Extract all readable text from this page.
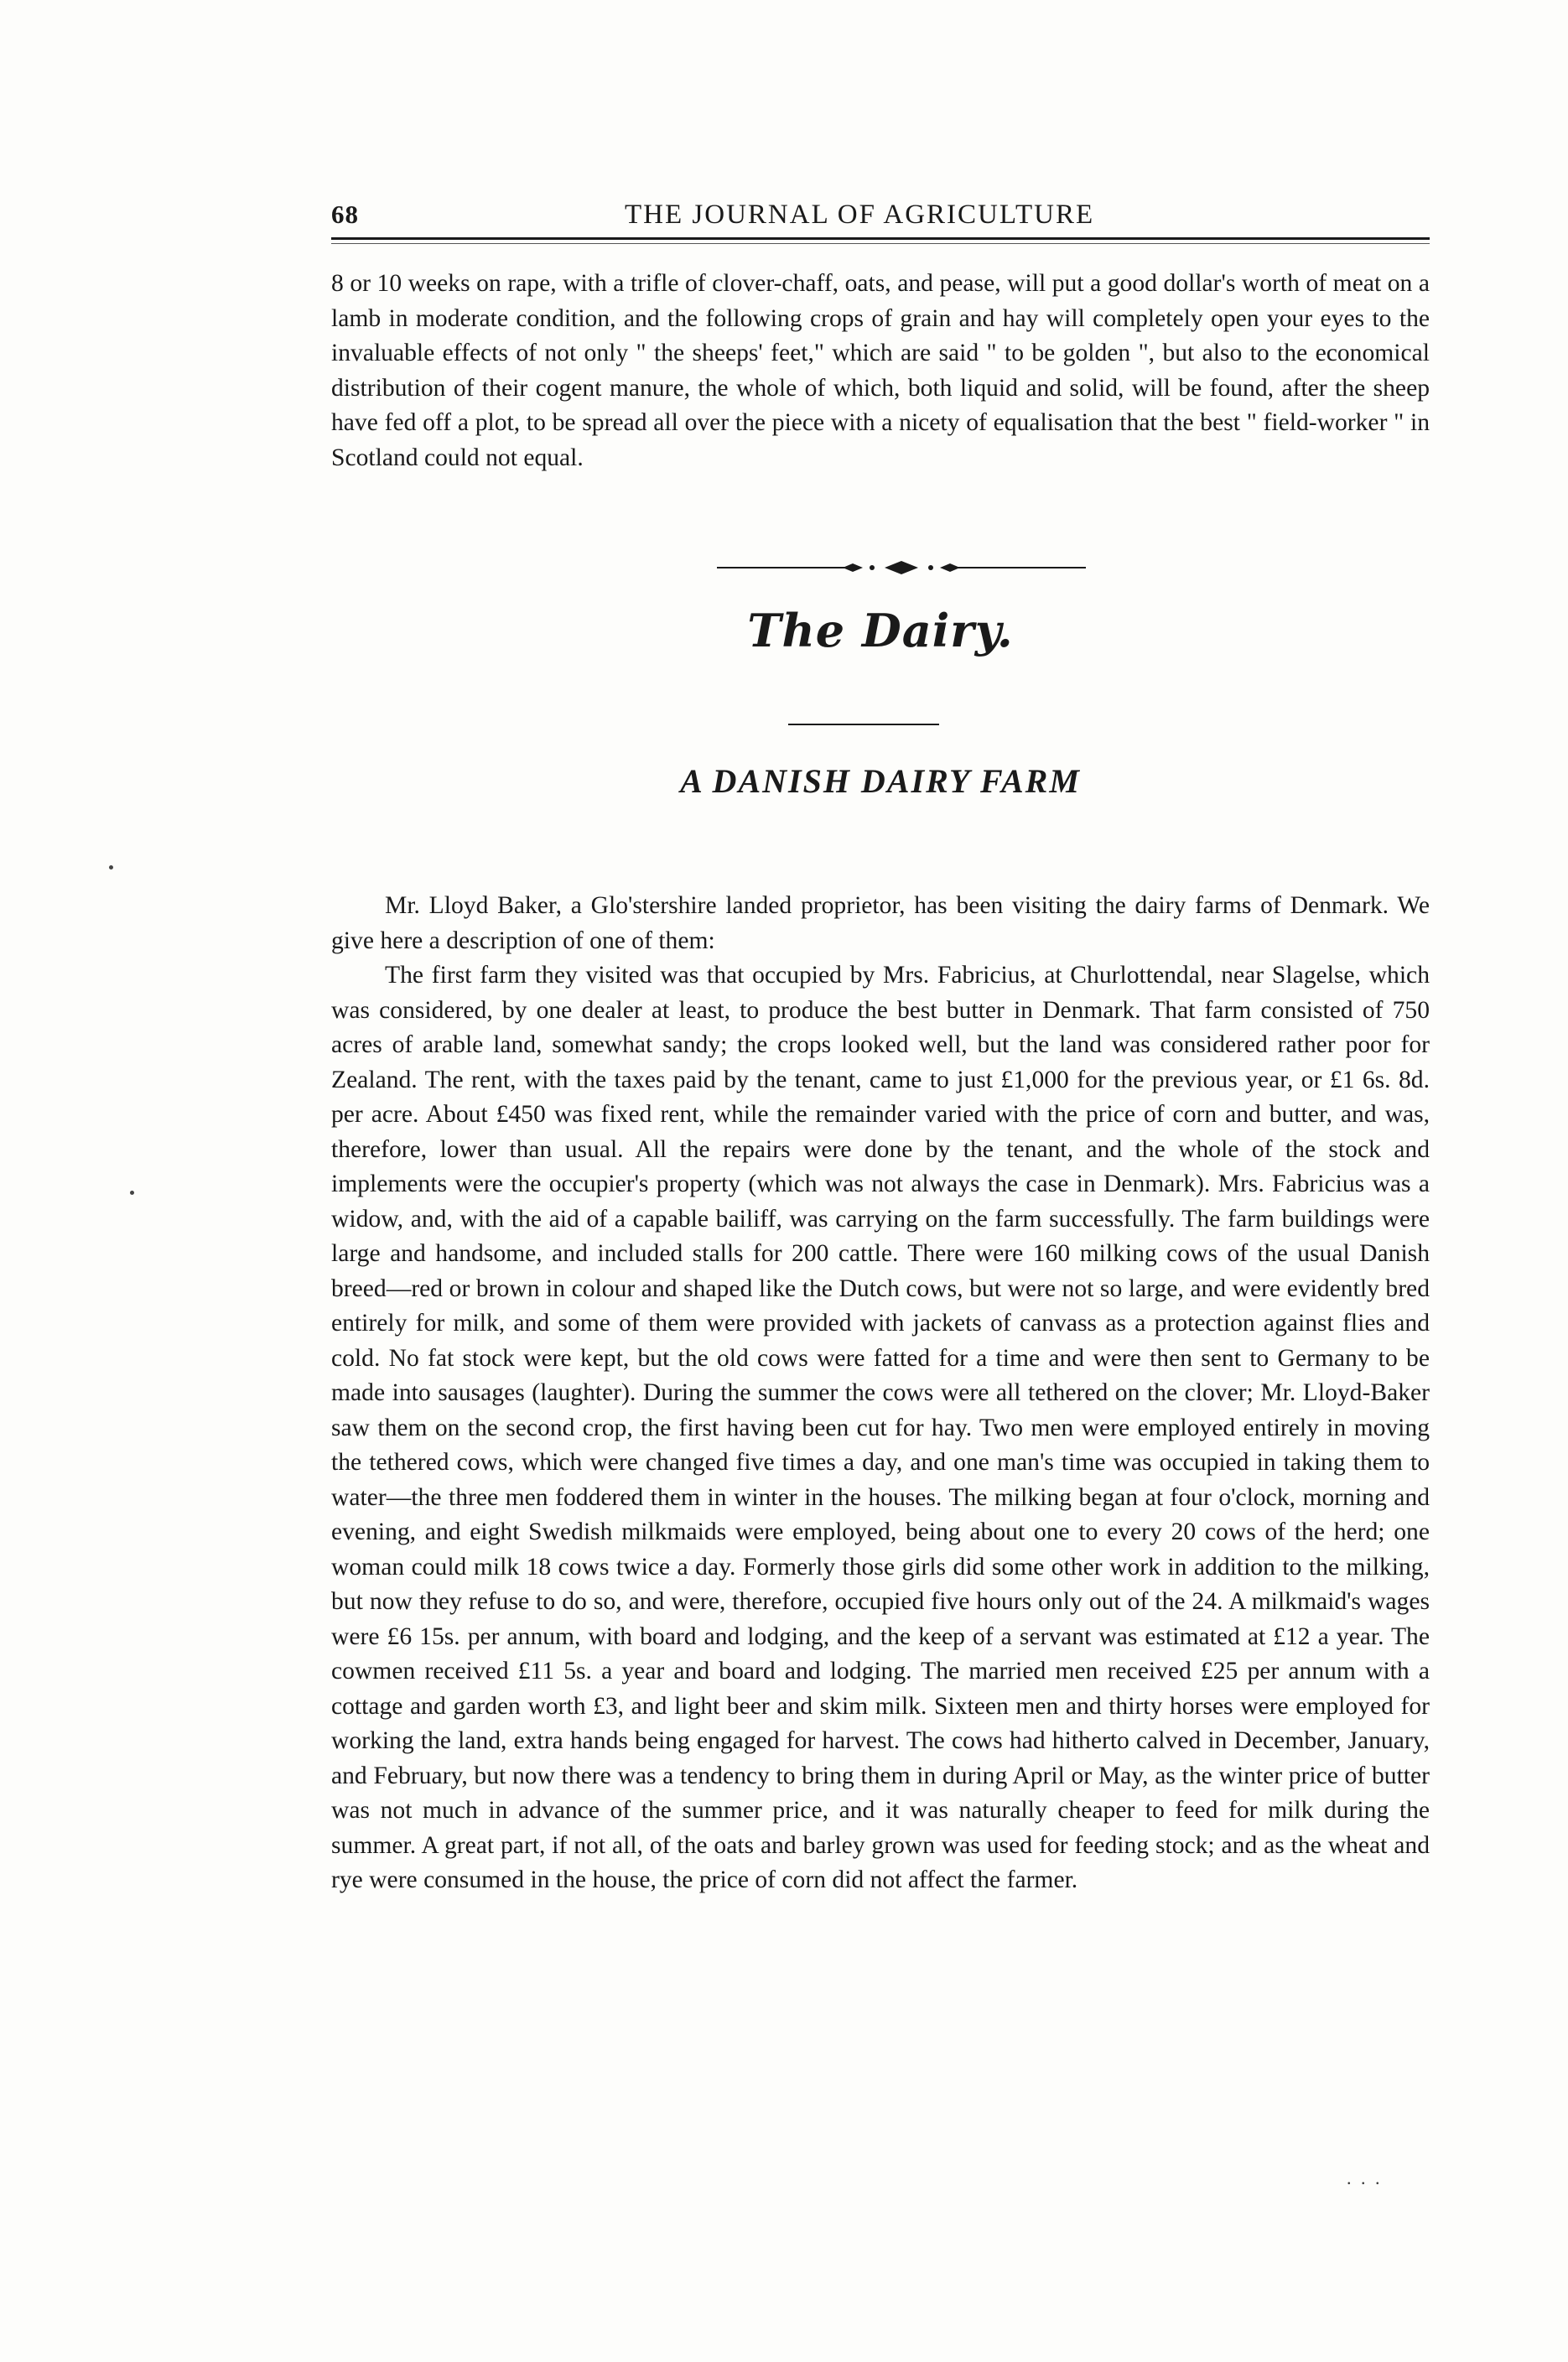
68	THE JOURNAL OF AGRICULTURE

8 or 10 weeks on rape, with a trifle of clover-chaff, oats, and pease, will put a good dollar's worth of meat on a lamb in moderate condition, and the following crops of grain and hay will completely open your eyes to the invaluable effects of not only " the sheeps' feet," which are said " to be golden ", but also to the economical distribution of their cogent manure, the whole of which, both liquid and solid, will be found, after the sheep have fed off a plot, to be spread all over the piece with a nicety of equalisation that the best " field-worker " in Scotland could not equal.

The Dairy.
A DANISH DAIRY FARM

Mr. Lloyd Baker, a Glo'stershire landed proprietor, has been visiting the dairy farms of Denmark. We give here a description of one of them:

The first farm they visited was that occupied by Mrs. Fabricius, at Churlottendal, near Slagelse, which was considered, by one dealer at least, to produce the best butter in Denmark. That farm consisted of 750 acres of arable land, somewhat sandy; the crops looked well, but the land was considered rather poor for Zealand. The rent, with the taxes paid by the tenant, came to just £1,000 for the previous year, or £1 6s. 8d. per acre. About £450 was fixed rent, while the remainder varied with the price of corn and butter, and was, therefore, lower than usual. All the repairs were done by the tenant, and the whole of the stock and implements were the occupier's property (which was not always the case in Denmark). Mrs. Fabricius was a widow, and, with the aid of a capable bailiff, was carrying on the farm successfully. The farm buildings were large and handsome, and included stalls for 200 cattle. There were 160 milking cows of the usual Danish breed—red or brown in colour and shaped like the Dutch cows, but were not so large, and were evidently bred entirely for milk, and some of them were provided with jackets of canvass as a protection against flies and cold. No fat stock were kept, but the old cows were fatted for a time and were then sent to Germany to be made into sausages (laughter). During the summer the cows were all tethered on the clover; Mr. Lloyd-Baker saw them on the second crop, the first having been cut for hay. Two men were employed entirely in moving the tethered cows, which were changed five times a day, and one man's time was occupied in taking them to water—the three men foddered them in winter in the houses. The milking began at four o'clock, morning and evening, and eight Swedish milkmaids were employed, being about one to every 20 cows of the herd; one woman could milk 18 cows twice a day. Formerly those girls did some other work in addition to the milking, but now they refuse to do so, and were, therefore, occupied five hours only out of the 24. A milkmaid's wages were £6 15s. per annum, with board and lodging, and the keep of a servant was estimated at £12 a year. The cowmen received £11 5s. a year and board and lodging. The married men received £25 per annum with a cottage and garden worth £3, and light beer and skim milk. Sixteen men and thirty horses were employed for working the land, extra hands being engaged for harvest. The cows had hitherto calved in December, January, and February, but now there was a tendency to bring them in during April or May, as the winter price of butter was not much in advance of the summer price, and it was naturally cheaper to feed for milk during the summer. A great part, if not all, of the oats and barley grown was used for feeding stock; and as the wheat and rye were consumed in the house, the price of corn did not affect the farmer.

. . .
